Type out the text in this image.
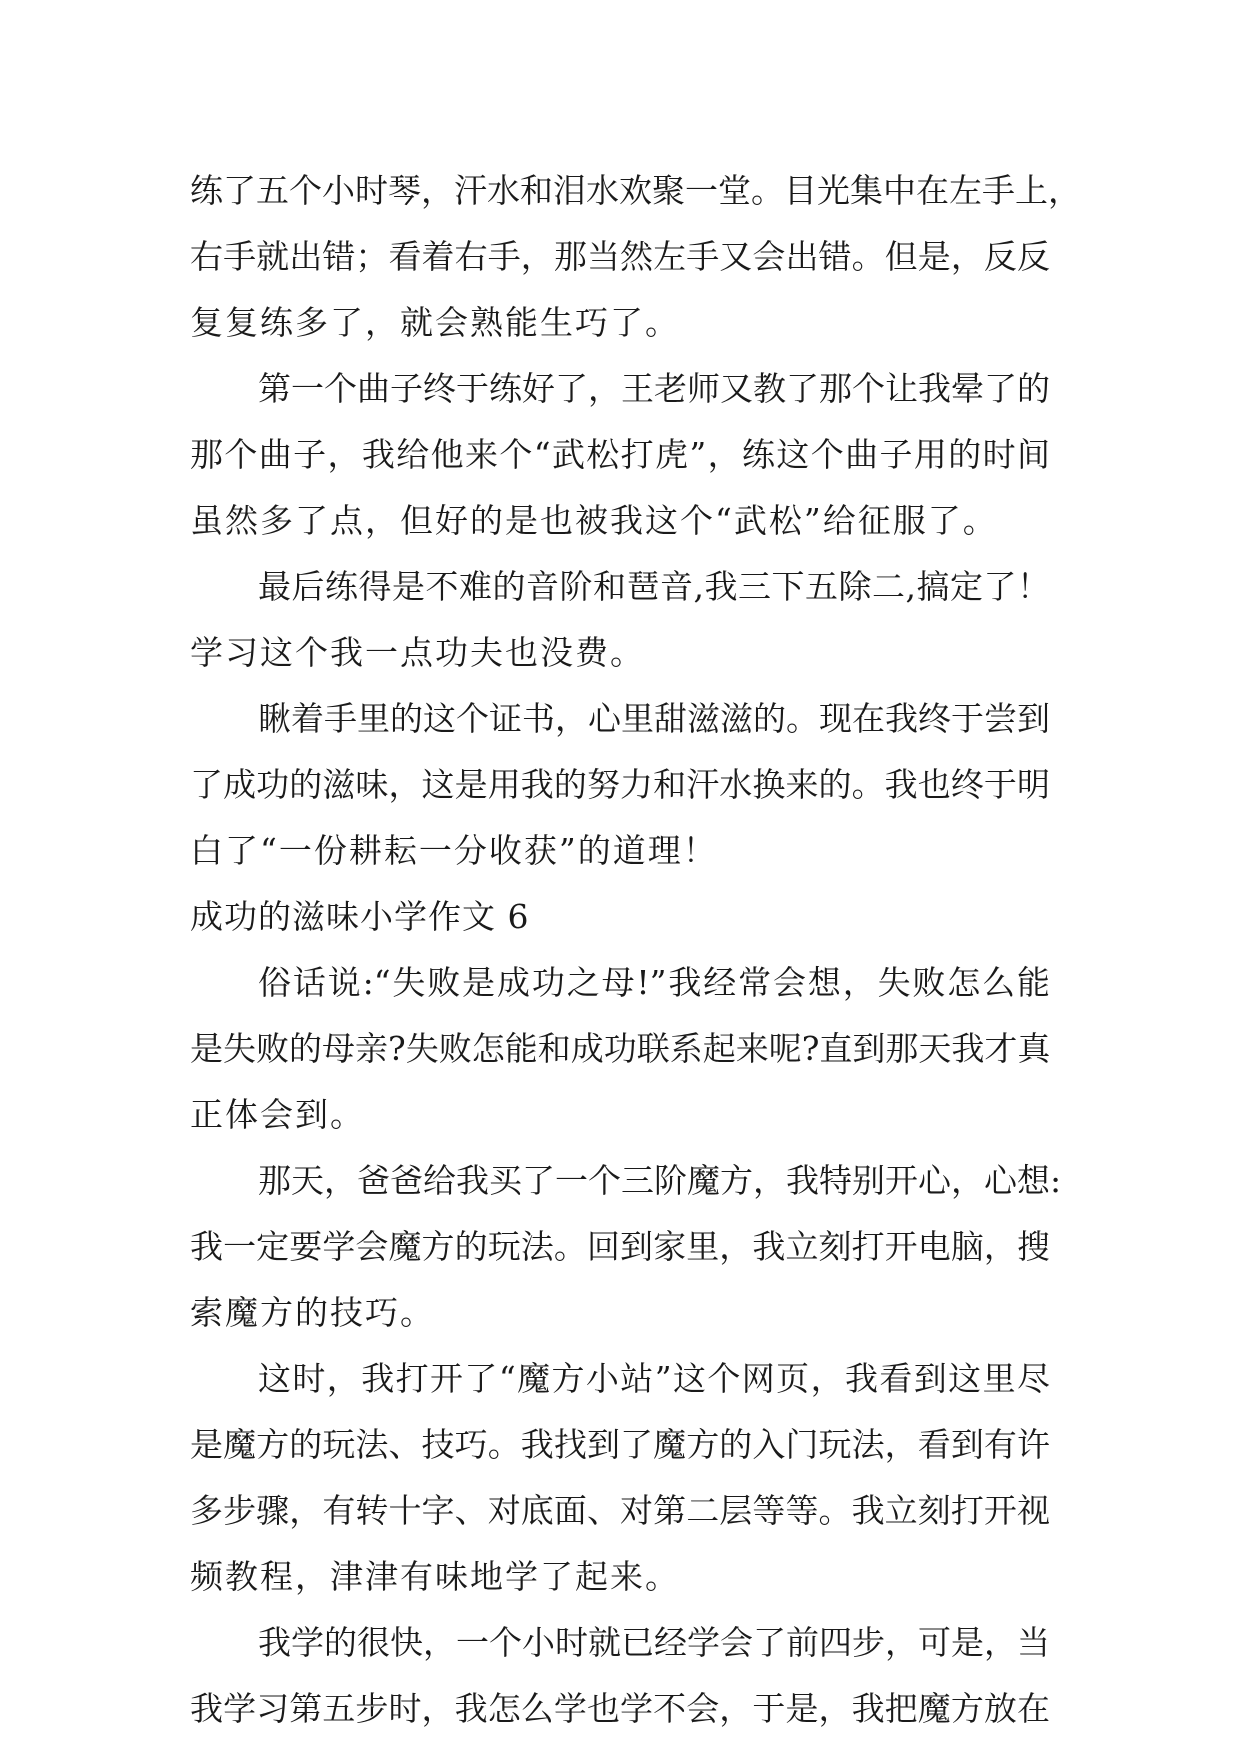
练了五个小时琴，汗水和泪水欢聚一堂。目光集中在左手上，
右手就出错；看着右手，那当然左手又会出错。但是，反反
复复练多了，就会熟能生巧了。
第一个曲子终于练好了，王老师又教了那个让我晕了的
那个曲子，我给他来个“武松打虎”，练这个曲子用的时间
虽然多了点，但好的是也被我这个“武松”给征服了。
最后练得是不难的音阶和琶音,我三下五除二,搞定了！
学习这个我一点功夫也没费。
瞅着手里的这个证书，心里甜滋滋的。现在我终于尝到
了成功的滋味，这是用我的努力和汗水换来的。我也终于明
白了“一份耕耘一分收获”的道理！
成功的滋味小学作文 6
俗话说:“失败是成功之母!”我经常会想，失败怎么能
是失败的母亲?失败怎能和成功联系起来呢?直到那天我才真
正体会到。
那天，爸爸给我买了一个三阶魔方，我特别开心，心想:
我一定要学会魔方的玩法。回到家里，我立刻打开电脑，搜
索魔方的技巧。
这时，我打开了“魔方小站”这个网页，我看到这里尽
是魔方的玩法、技巧。我找到了魔方的入门玩法，看到有许
多步骤，有转十字、对底面、对第二层等等。我立刻打开视
频教程，津津有味地学了起来。
我学的很快，一个小时就已经学会了前四步，可是，当
我学习第五步时，我怎么学也学不会，于是，我把魔方放在
